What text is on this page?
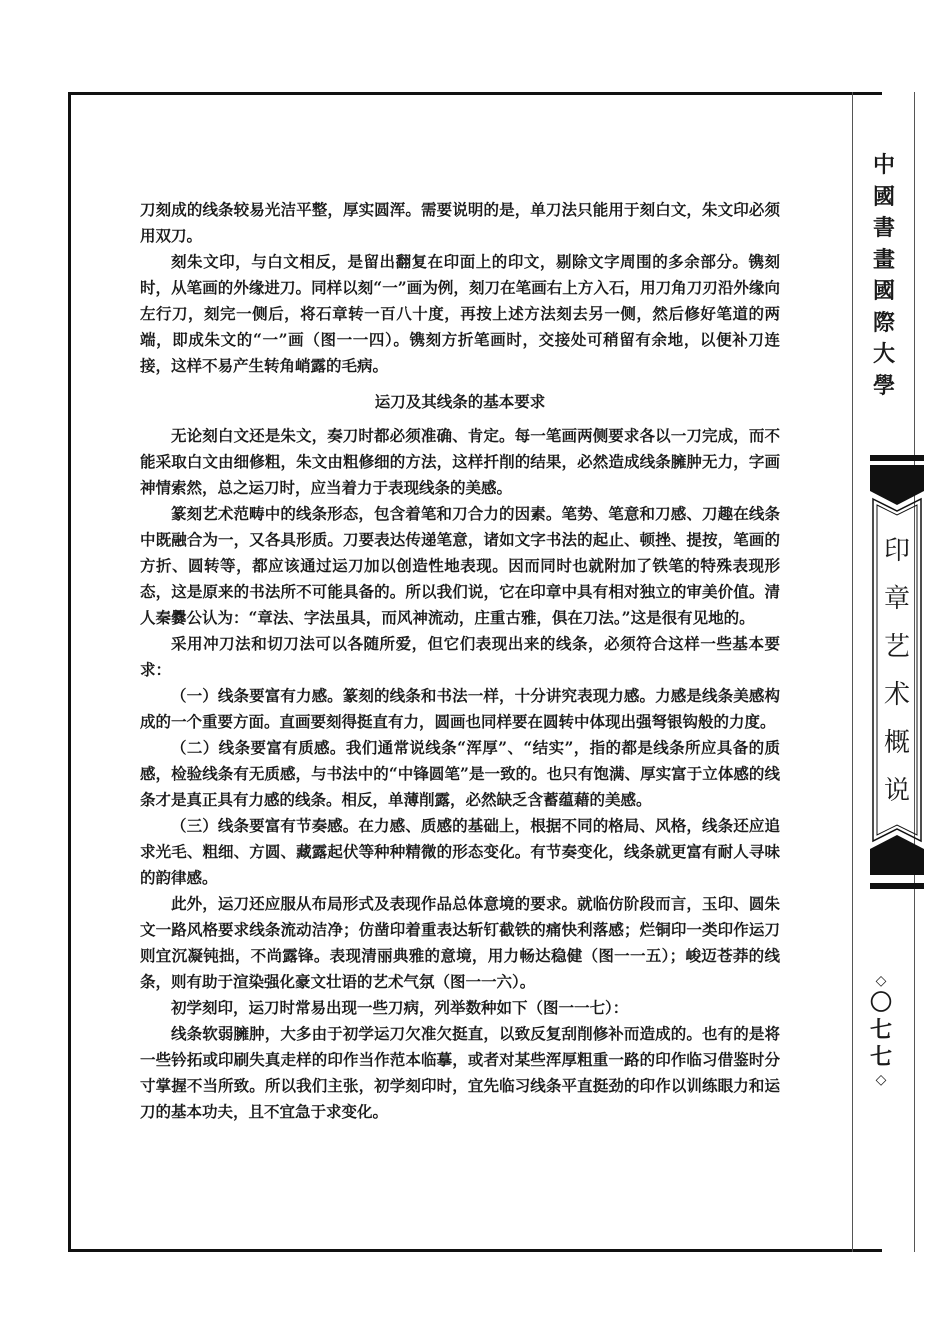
刀刻成的线条较易光洁平整，厚实圆浑。需要说明的是，单刀法只能用于刻白文，朱文印必须用双刀。

刻朱文印，与白文相反，是留出翻复在印面上的印文，剔除文字周围的多余部分。镌刻时，从笔画的外缘进刀。同样以刻“一”画为例，刻刀在笔画右上方入石，用刀角刀刃沿外缘向左行刀，刻完一侧后，将石章转一百八十度，再按上述方法刻去另一侧，然后修好笔道的两端，即成朱文的“一”画（图一一四）。镌刻方折笔画时，交接处可稍留有余地，以便补刀连接，这样不易产生转角峭露的毛病。

运刀及其线条的基本要求

无论刻白文还是朱文，奏刀时都必须准确、肯定。每一笔画两侧要求各以一刀完成，而不能采取白文由细修粗，朱文由粗修细的方法，这样扦削的结果，必然造成线条臃肿无力，字画神情索然，总之运刀时，应当着力于表现线条的美感。

篆刻艺术范畴中的线条形态，包含着笔和刀合力的因素。笔势、笔意和刀感、刀趣在线条中既融合为一，又各具形质。刀要表达传递笔意，诸如文字书法的起止、顿挫、提按，笔画的方折、圆转等，都应该通过运刀加以创造性地表现。因而同时也就附加了铁笔的特殊表现形态，这是原来的书法所不可能具备的。所以我们说，它在印章中具有相对独立的审美价值。清人秦爨公认为：“章法、字法虽具，而风神流动，庄重古雅，俱在刀法。”这是很有见地的。

采用冲刀法和切刀法可以各随所爱，但它们表现出来的线条，必须符合这样一些基本要求：

（一）线条要富有力感。篆刻的线条和书法一样，十分讲究表现力感。力感是线条美感构成的一个重要方面。直画要刻得挺直有力，圆画也同样要在圆转中体现出强弩银钩般的力度。

（二）线条要富有质感。我们通常说线条“浑厚”、“结实”，指的都是线条所应具备的质感，检验线条有无质感，与书法中的“中锋圆笔”是一致的。也只有饱满、厚实富于立体感的线条才是真正具有力感的线条。相反，单薄削露，必然缺乏含蓄蕴藉的美感。

（三）线条要富有节奏感。在力感、质感的基础上，根据不同的格局、风格，线条还应追求光毛、粗细、方圆、藏露起伏等种种精微的形态变化。有节奏变化，线条就更富有耐人寻味的韵律感。

此外，运刀还应服从布局形式及表现作品总体意境的要求。就临仿阶段而言，玉印、圆朱文一路风格要求线条流动洁净；仿凿印着重表达斩钉截铁的痛快利落感；烂铜印一类印作运刀则宜沉凝钝拙，不尚露锋。表现清丽典雅的意境，用力畅达稳健（图一一五）；峻迈苍莽的线条，则有助于渲染强化豪文壮语的艺术气氛（图一一六）。

初学刻印，运刀时常易出现一些刀病，列举数种如下（图一一七）：

线条软弱臃肿，大多由于初学运刀欠准欠挺直，以致反复刮削修补而造成的。也有的是将一些钤拓或印刷失真走样的印作当作范本临摹，或者对某些浑厚粗重一路的印作临习借鉴时分寸掌握不当所致。所以我们主张，初学刻印时，宜先临习线条平直挺劲的印作以训练眼力和运刀的基本功夫，且不宜急于求变化。

中
國
書
畫
國
際
大
學
印
章
艺
术
概
说
◇
〇
七
七
◇
